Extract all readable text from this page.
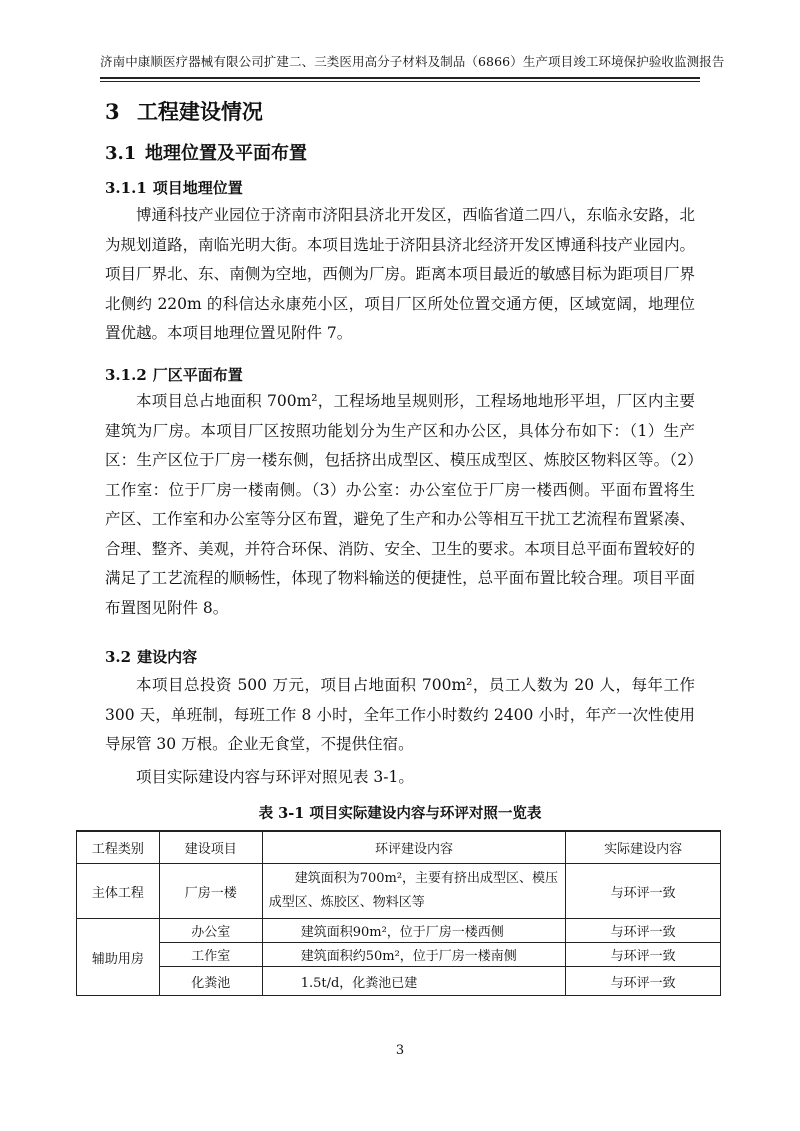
济南中康顺医疗器械有限公司扩建二、三类医用高分子材料及制品（6866）生产项目竣工环境保护验收监测报告
3 工程建设情况
3.1 地理位置及平面布置
3.1.1 项目地理位置

博通科技产业园位于济南市济阳县济北开发区，西临省道二四八，东临永安路，北为规划道路，南临光明大街。本项目选址于济阳县济北经济开发区博通科技产业园内。项目厂界北、东、南侧为空地，西侧为厂房。距离本项目最近的敏感目标为距项目厂界北侧约 220m 的科信达永康苑小区，项目厂区所处位置交通方便，区域宽阔，地理位置优越。本项目地理位置见附件 7。

3.1.2 厂区平面布置

本项目总占地面积 700m²，工程场地呈规则形，工程场地地形平坦，厂区内主要建筑为厂房。本项目厂区按照功能划分为生产区和办公区，具体分布如下：（1）生产区：生产区位于厂房一楼东侧，包括挤出成型区、模压成型区、炼胶区物料区等。（2）工作室：位于厂房一楼南侧。（3）办公室：办公室位于厂房一楼西侧。平面布置将生产区、工作室和办公室等分区布置，避免了生产和办公等相互干扰工艺流程布置紧凑、合理、整齐、美观，并符合环保、消防、安全、卫生的要求。本项目总平面布置较好的满足了工艺流程的顺畅性，体现了物料输送的便捷性，总平面布置比较合理。项目平面布置图见附件 8。

3.2 建设内容

本项目总投资 500 万元，项目占地面积 700m²，员工人数为 20 人，每年工作 300 天，单班制，每班工作 8 小时，全年工作小时数约 2400 小时，年产一次性使用导尿管 30 万根。企业无食堂，不提供住宿。

项目实际建设内容与环评对照见表 3-1。

表 3-1 项目实际建设内容与环评对照一览表
工程类别	建设项目	环评建设内容	实际建设内容
主体工程	厂房一楼	建筑面积为700m²，主要有挤出成型区、模压成型区、炼胶区、物料区等	与环评一致
辅助用房	办公室	建筑面积90m²，位于厂房一楼西侧	与环评一致
	工作室	建筑面积约50m²，位于厂房一楼南侧	与环评一致
	化粪池	1.5t/d，化粪池已建	与环评一致
3
